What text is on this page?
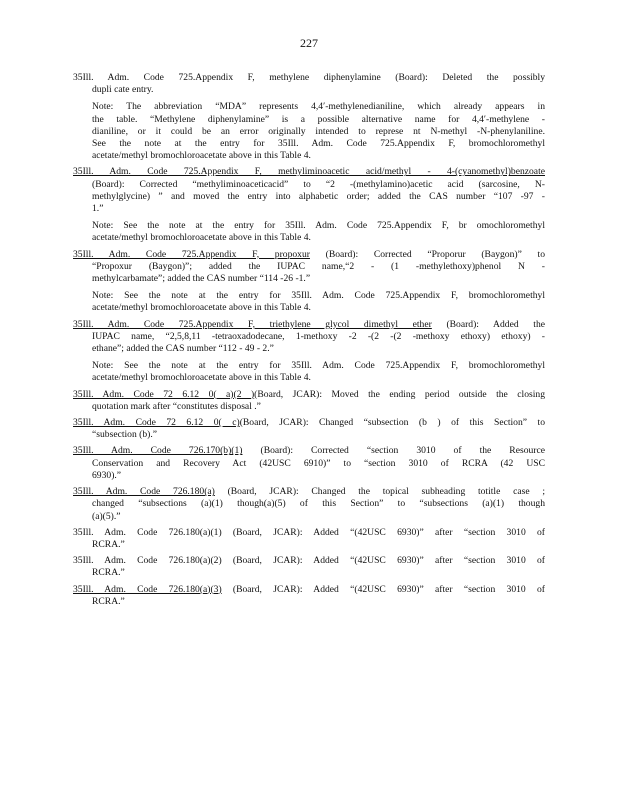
227
35Ill. Adm. Code 725.Appendix F, methylene diphenylamine (Board): Deleted the possibly
dupli cate entry.
Note: The abbreviation “MDA” represents 4,4′-methylenedianiline, which already appears in
the table. “Methylene diphenylamine” is a possible alternative name for 4,4′-methylene -
dianiline, or it could be an error originally intended to represe nt N-methyl -N-phenylaniline.
See the note at the entry for 35Ill. Adm. Code 725.Appendix F, bromochloromethyl
acetate/methyl bromochloroacetate above in this Table 4.
35Ill. Adm. Code 725.Appendix F, methyliminoacetic acid/methyl - 4-(cyanomethyl)benzoate
(Board): Corrected “methyliminoaceticacid” to “2 -(methylamino)acetic acid (sarcosine, N-
methylglycine) ” and moved the entry into alphabetic order; added the CAS number “107 -97 -
1.”
Note: See the note at the entry for 35Ill. Adm. Code 725.Appendix F, br omochloromethyl
acetate/methyl bromochloroacetate above in this Table 4.
35Ill. Adm. Code 725.Appendix F, propoxur (Board): Corrected “Proporur (Baygon)” to
“Propoxur (Baygon)”; added the IUPAC name,“2 - (1 -methylethoxy)phenol N -
methylcarbamate”; added the CAS number “114 -26 -1.”
Note: See the note at the entry for 35Ill. Adm. Code 725.Appendix F, bromochloromethyl
acetate/methyl bromochloroacetate above in this Table 4.
35Ill. Adm. Code 725.Appendix F, triethylene glycol dimethyl ether (Board): Added the
IUPAC name, “2,5,8,11 -tetraoxadodecane, 1-methoxy -2 -(2 -(2 -methoxy ethoxy) ethoxy) -
ethane”; added the CAS number “112 - 49 - 2.”
Note: See the note at the entry for 35Ill. Adm. Code 725.Appendix F, bromochloromethyl
acetate/methyl bromochloroacetate above in this Table 4.
35Ill. Adm. Code 72 6.12 0( a)(2 )(Board, JCAR): Moved the ending period outside the closing
quotation mark after “constitutes disposal .”
35Ill. Adm. Code 72 6.12 0( c)(Board, JCAR): Changed “subsection (b ) of this Section” to
“subsection (b).”
35Ill. Adm. Code 726.170(b)(1) (Board): Corrected “section 3010 of the Resource
Conservation and Recovery Act (42USC 6910)” to “section 3010 of RCRA (42 USC
6930).”
35Ill. Adm. Code 726.180(a) (Board, JCAR): Changed the topical subheading totitle case ;
changed “subsections (a)(1) though(a)(5) of this Section” to “subsections (a)(1) though
(a)(5).”
35Ill. Adm. Code 726.180(a)(1) (Board, JCAR): Added “(42USC 6930)” after “section 3010 of
RCRA.”
35Ill. Adm. Code 726.180(a)(2) (Board, JCAR): Added “(42USC 6930)” after “section 3010 of
RCRA.”
35Ill. Adm. Code 726.180(a)(3) (Board, JCAR): Added “(42USC 6930)” after “section 3010 of
RCRA.”
